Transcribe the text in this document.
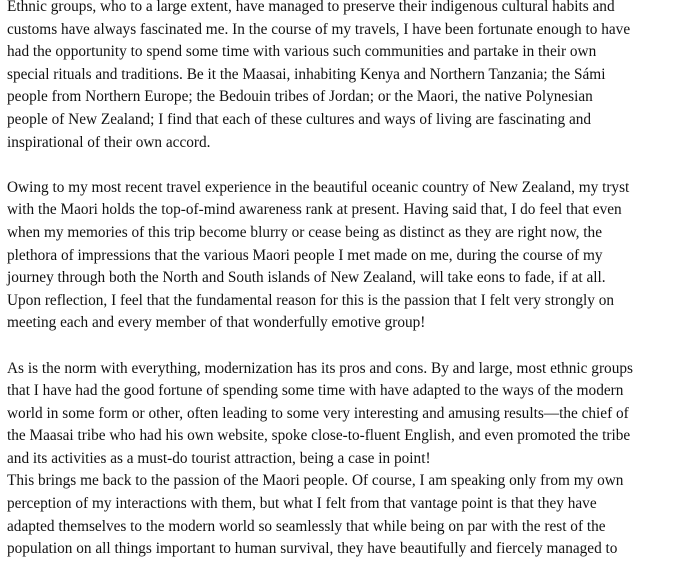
Ethnic groups, who to a large extent, have managed to preserve their indigenous cultural habits and
customs have always fascinated me. In the course of my travels, I have been fortunate enough to have
had the opportunity to spend some time with various such communities and partake in their own
special rituals and traditions. Be it the Maasai, inhabiting Kenya and Northern Tanzania; the Sámi
people from Northern Europe; the Bedouin tribes of Jordan; or the Maori, the native Polynesian
people of New Zealand; I find that each of these cultures and ways of living are fascinating and
inspirational of their own accord.
Owing to my most recent travel experience in the beautiful oceanic country of New Zealand, my tryst
with the Maori holds the top-of-mind awareness rank at present. Having said that, I do feel that even
when my memories of this trip become blurry or cease being as distinct as they are right now, the
plethora of impressions that the various Maori people I met made on me, during the course of my
journey through both the North and South islands of New Zealand, will take eons to fade, if at all.
Upon reflection, I feel that the fundamental reason for this is the passion that I felt very strongly on
meeting each and every member of that wonderfully emotive group!
As is the norm with everything, modernization has its pros and cons. By and large, most ethnic groups
that I have had the good fortune of spending some time with have adapted to the ways of the modern
world in some form or other, often leading to some very interesting and amusing results—the chief of
the Maasai tribe who had his own website, spoke close-to-fluent English, and even promoted the tribe
and its activities as a must-do tourist attraction, being a case in point!
This brings me back to the passion of the Maori people. Of course, I am speaking only from my own
perception of my interactions with them, but what I felt from that vantage point is that they have
adapted themselves to the modern world so seamlessly that while being on par with the rest of the
population on all things important to human survival, they have beautifully and fiercely managed to
